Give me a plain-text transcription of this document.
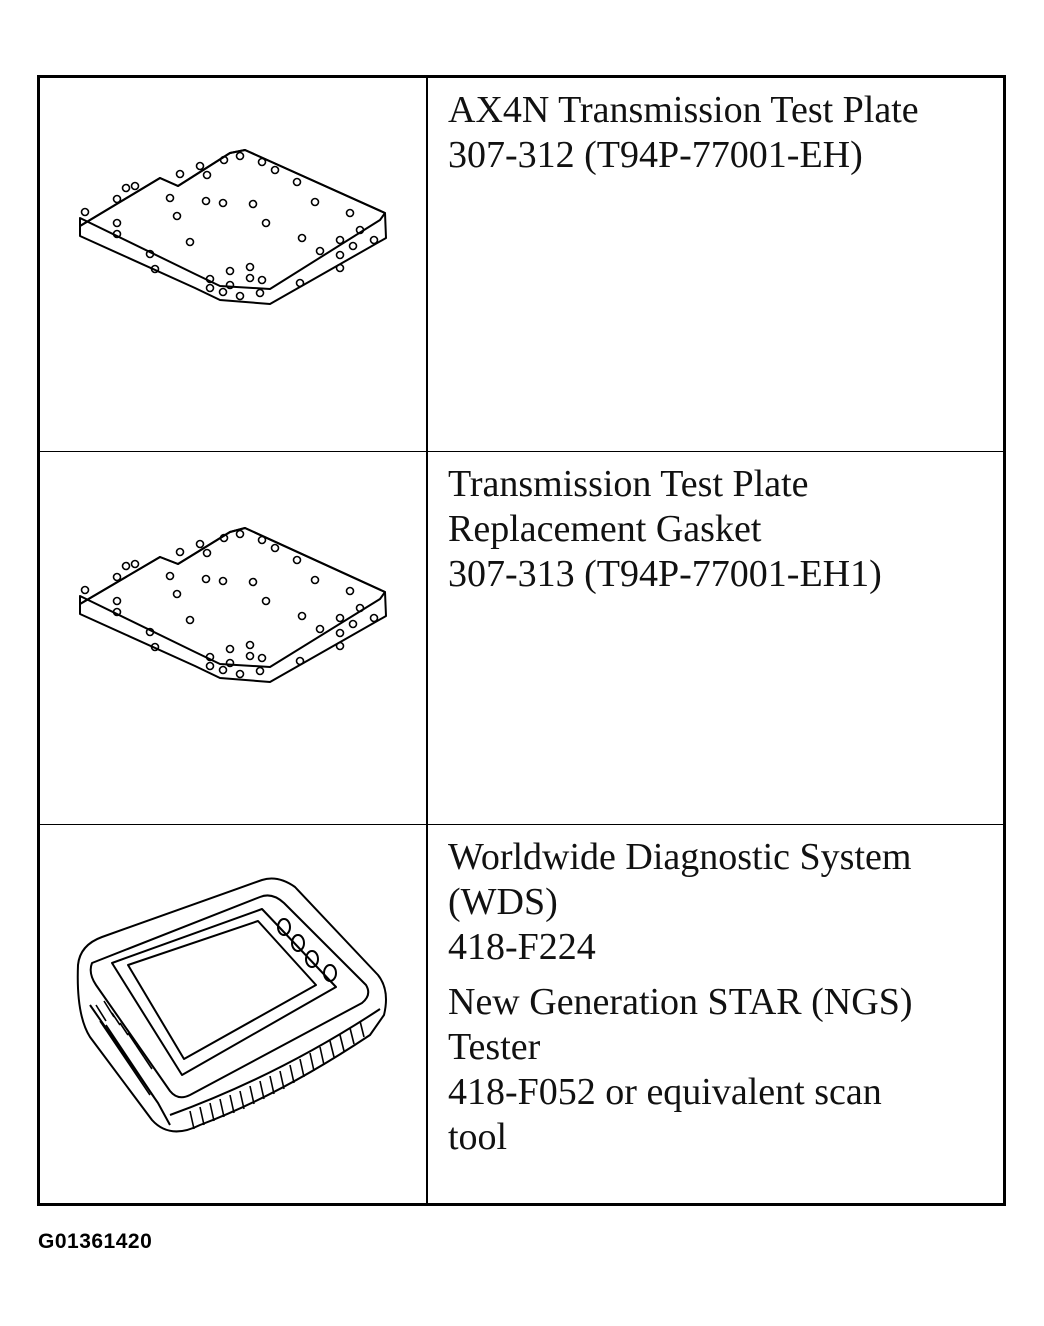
AX4N Transmission Test Plate
307-312 (T94P-77001-EH)
Transmission Test Plate
Replacement Gasket
307-313 (T94P-77001-EH1)
Worldwide Diagnostic System
(WDS)
418-F224
New Generation STAR (NGS)
Tester
418-F052 or equivalent scan
tool
G01361420
